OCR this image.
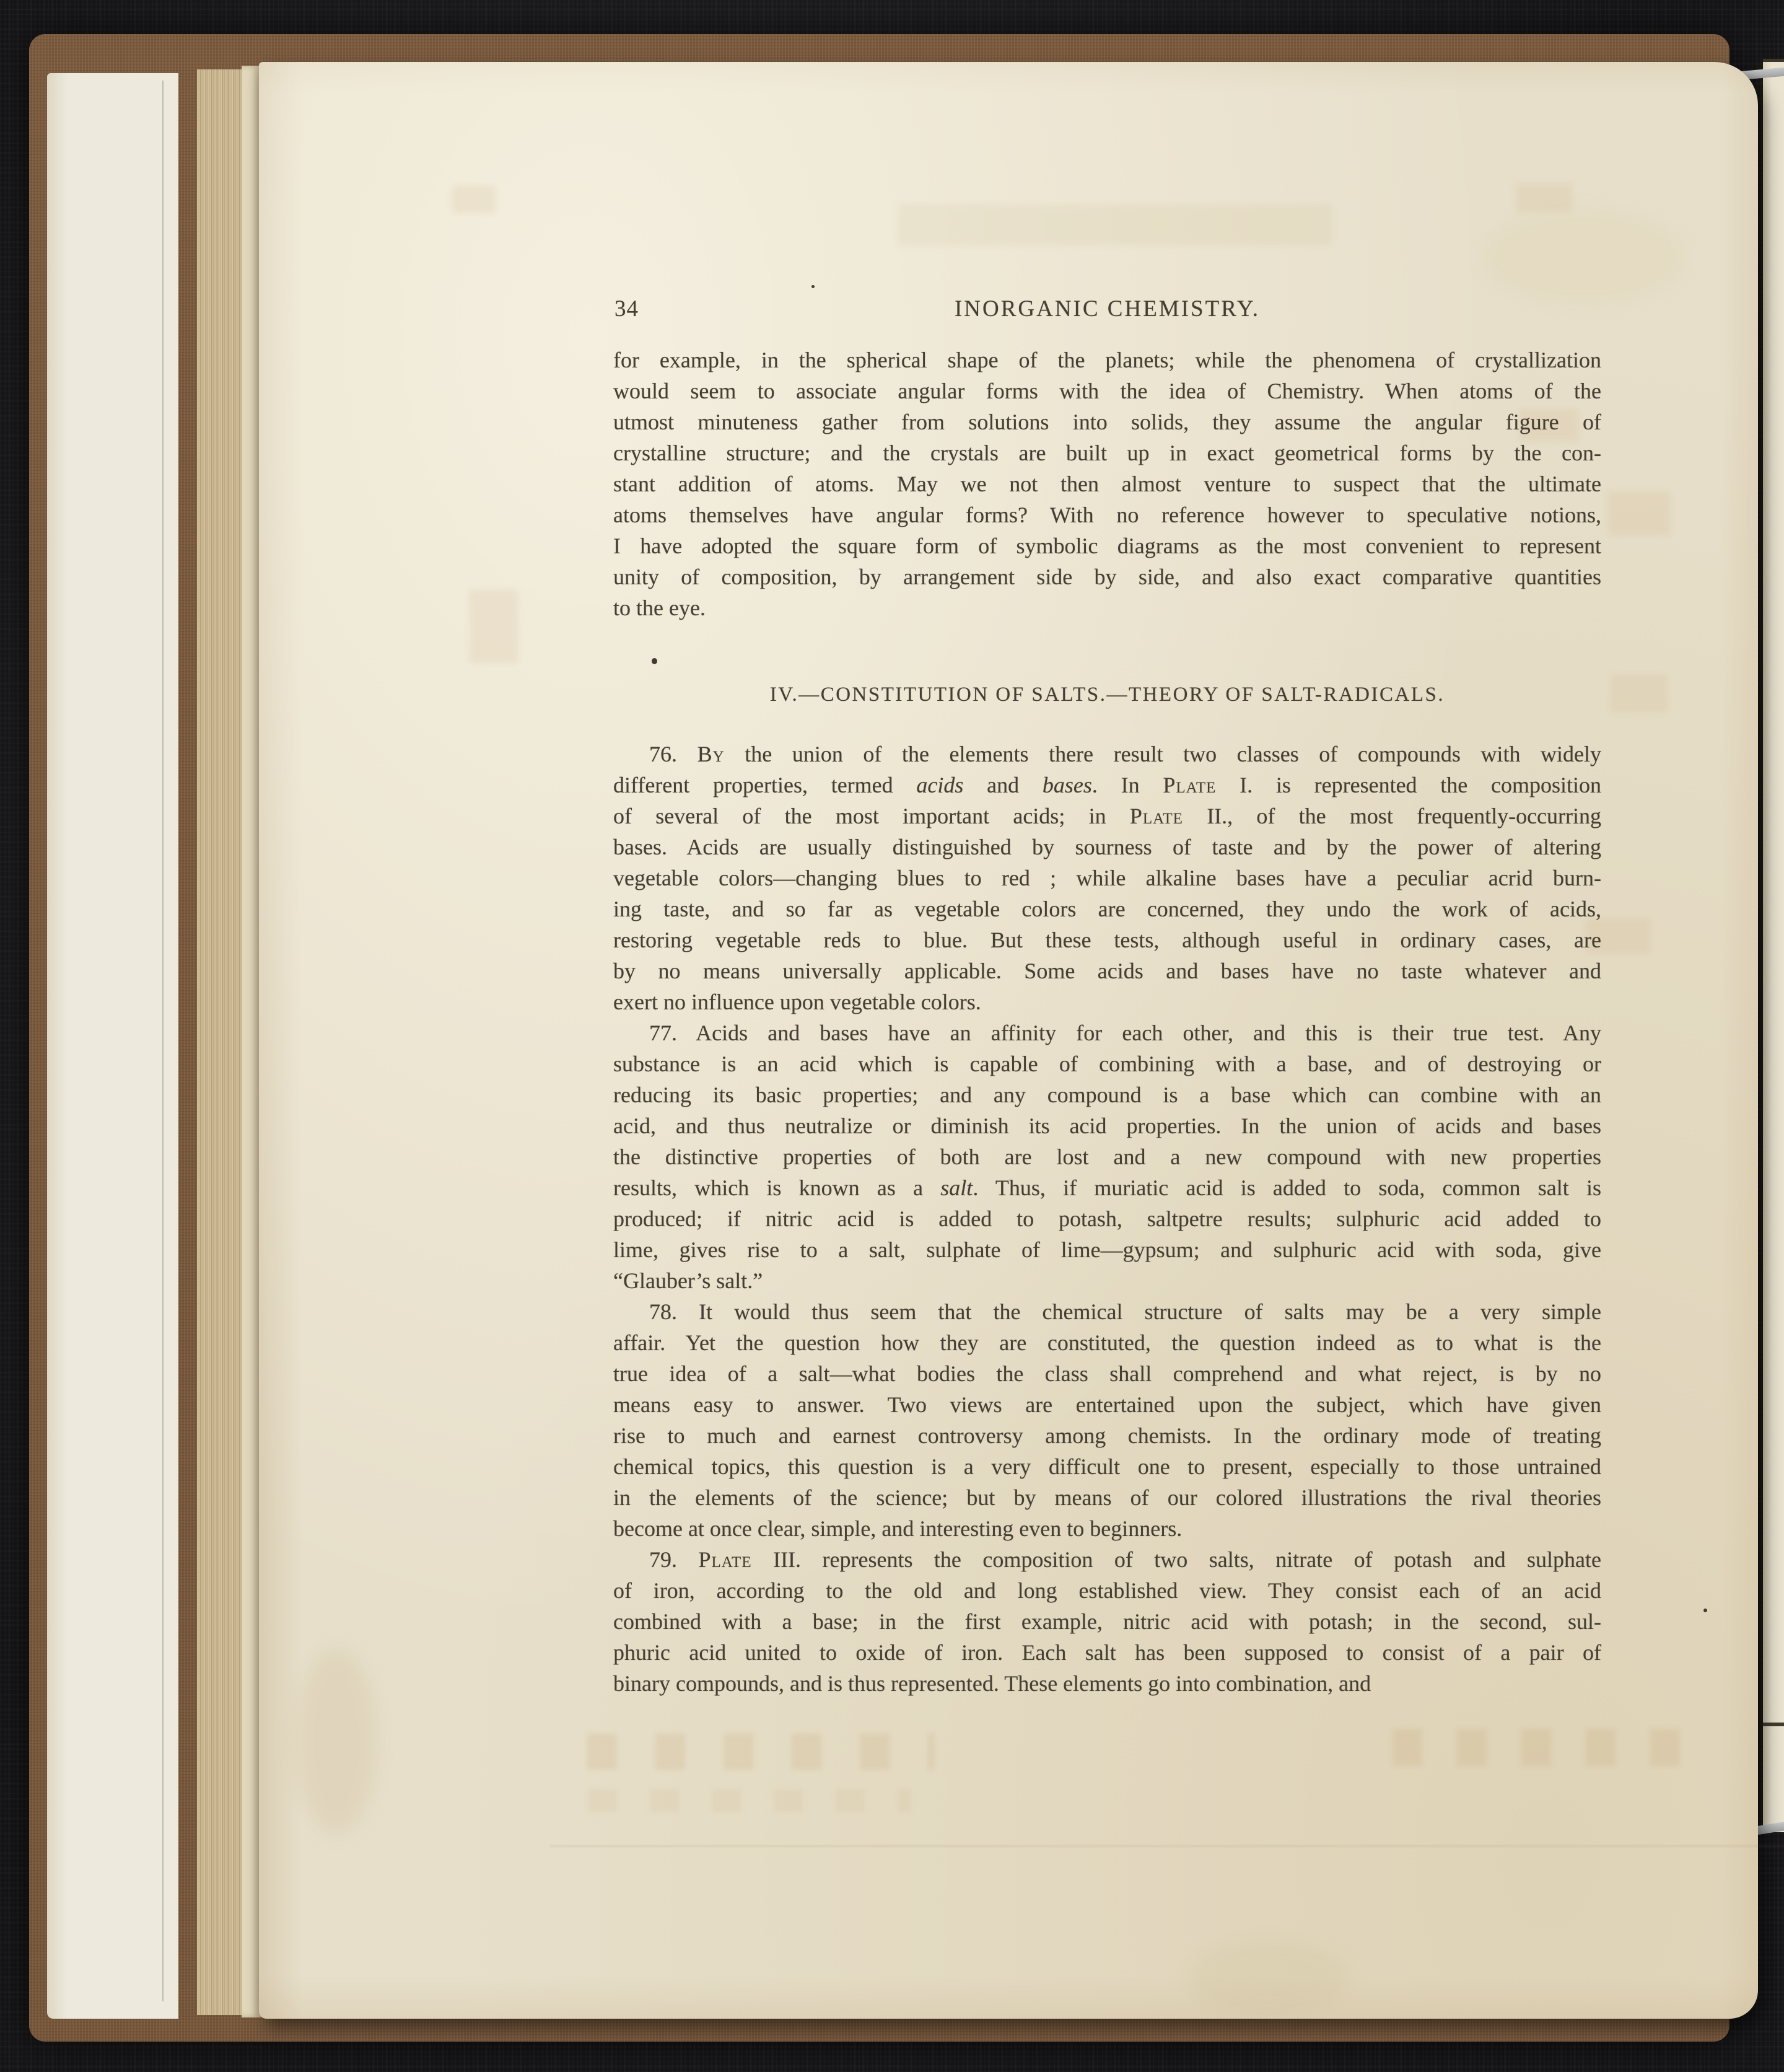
34	INORGANIC CHEMISTRY.
for example, in the spherical shape of the planets; while the phenomena of crystallization
would seem to associate angular forms with the idea of Chemistry. When atoms of the
utmost minuteness gather from solutions into solids, they assume the angular figure of
crystalline structure; and the crystals are built up in exact geometrical forms by the con-
stant addition of atoms. May we not then almost venture to suspect that the ultimate
atoms themselves have angular forms? With no reference however to speculative notions,
I have adopted the square form of symbolic diagrams as the most convenient to represent
unity of composition, by arrangement side by side, and also exact comparative quantities
to the eye.
IV.—CONSTITUTION OF SALTS.—THEORY OF SALT-RADICALS.
76. By the union of the elements there result two classes of compounds with widely
different properties, termed acids and bases. In Plate I. is represented the composition
of several of the most important acids; in Plate II., of the most frequently-occurring
bases. Acids are usually distinguished by sourness of taste and by the power of altering
vegetable colors—changing blues to red ; while alkaline bases have a peculiar acrid burn-
ing taste, and so far as vegetable colors are concerned, they undo the work of acids,
restoring vegetable reds to blue. But these tests, although useful in ordinary cases, are
by no means universally applicable. Some acids and bases have no taste whatever and
exert no influence upon vegetable colors.
77. Acids and bases have an affinity for each other, and this is their true test. Any
substance is an acid which is capable of combining with a base, and of destroying or
reducing its basic properties; and any compound is a base which can combine with an
acid, and thus neutralize or diminish its acid properties. In the union of acids and bases
the distinctive properties of both are lost and a new compound with new properties
results, which is known as a salt. Thus, if muriatic acid is added to soda, common salt is
produced; if nitric acid is added to potash, saltpetre results; sulphuric acid added to
lime, gives rise to a salt, sulphate of lime—gypsum; and sulphuric acid with soda, give
“Glauber’s salt.”
78. It would thus seem that the chemical structure of salts may be a very simple
affair. Yet the question how they are constituted, the question indeed as to what is the
true idea of a salt—what bodies the class shall comprehend and what reject, is by no
means easy to answer. Two views are entertained upon the subject, which have given
rise to much and earnest controversy among chemists. In the ordinary mode of treating
chemical topics, this question is a very difficult one to present, especially to those untrained
in the elements of the science; but by means of our colored illustrations the rival theories
become at once clear, simple, and interesting even to beginners.
79. Plate III. represents the composition of two salts, nitrate of potash and sulphate
of iron, according to the old and long established view. They consist each of an acid
combined with a base; in the first example, nitric acid with potash; in the second, sul-
phuric acid united to oxide of iron. Each salt has been supposed to consist of a pair of
binary compounds, and is thus represented. These elements go into combination, and
